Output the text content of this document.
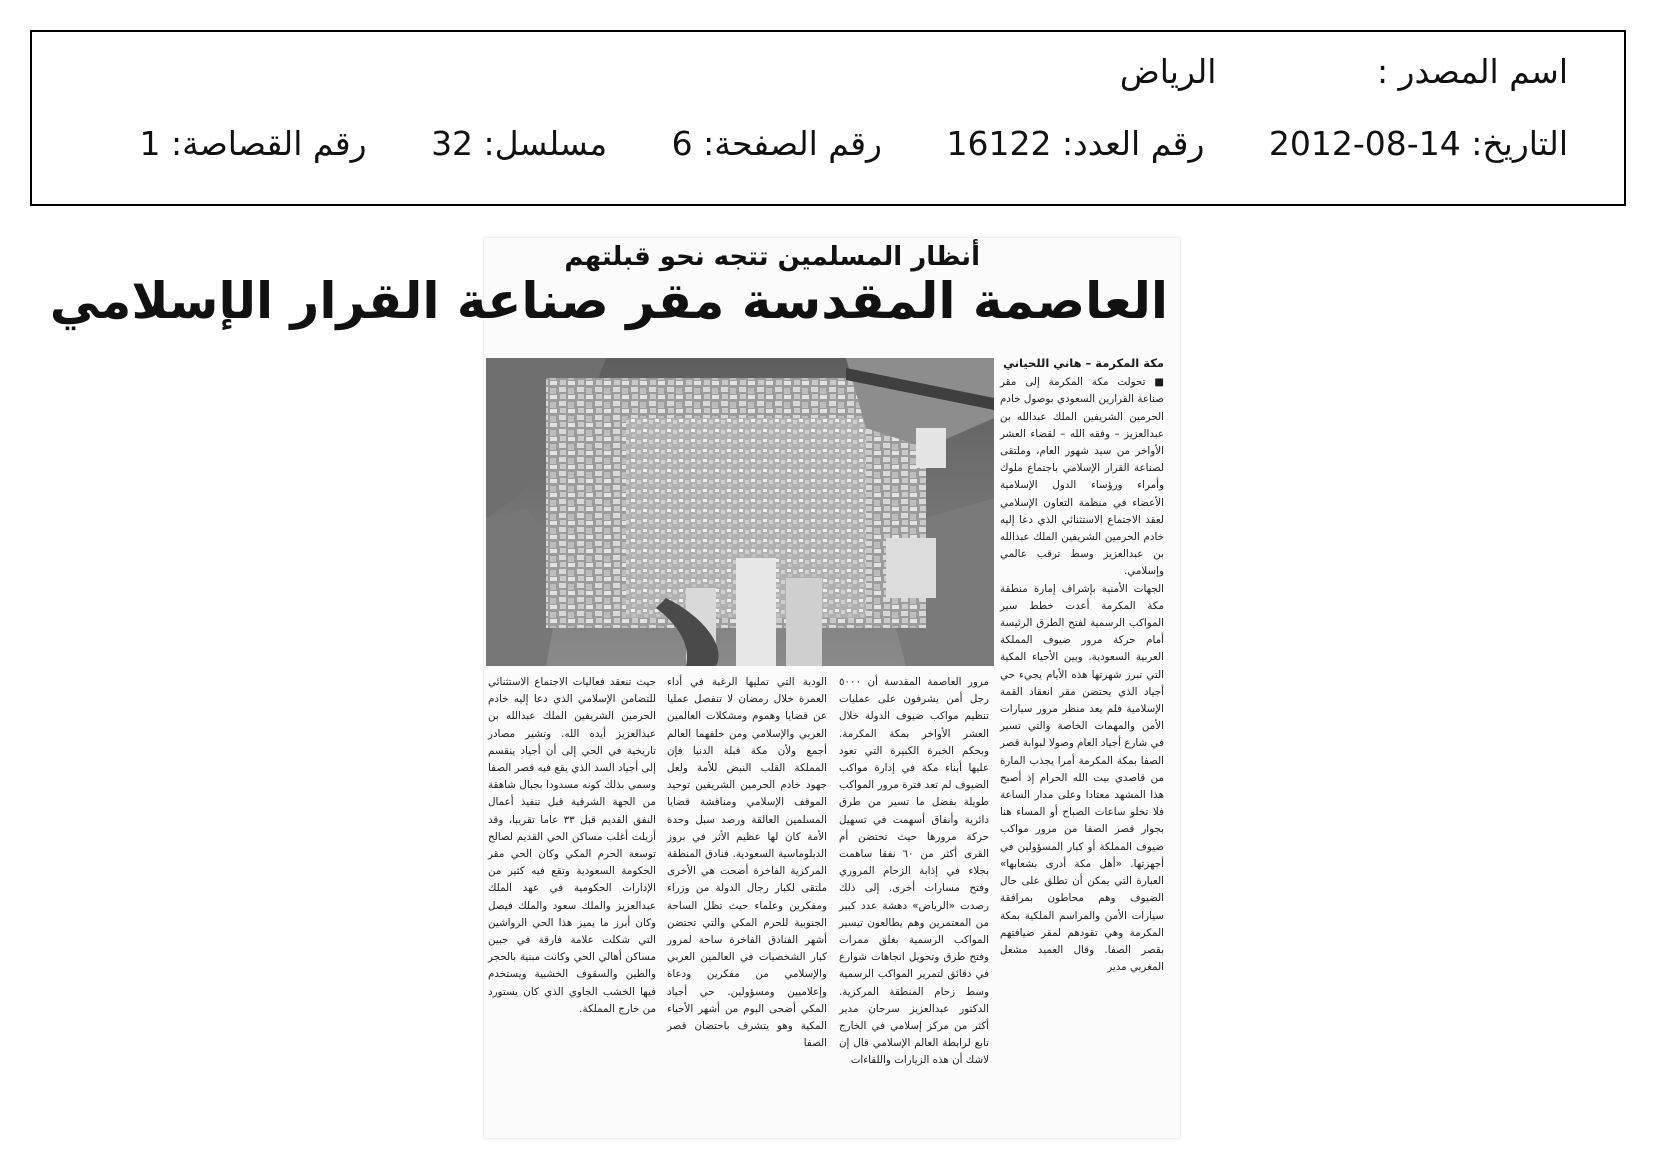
اسم المصدر : الرياض
التاريخ: 14-08-2012 رقم العدد: 16122 رقم الصفحة: 6 مسلسل: 32 رقم القصاصة: 1
أنظار المسلمين تتجه نحو قبلتهم
العاصمة المقدسة مقر صناعة القرار الإسلامي

مكة المكرمة – هاني اللحياني

■ تحولت مكة المكرمة إلى مقر صناعة القرارين السعودي بوصول خادم الحرمين الشريفين الملك عبدالله بن عبدالعزيز – وفقه الله – لقضاء العشر الأواخر من سيد شهور العام، وملتقى لصناعة القرار الإسلامي باجتماع ملوك وأمراء ورؤساء الدول الإسلامية الأعضاء في منظمة التعاون الإسلامي لعقد الاجتماع الاستثنائي الذي دعا إليه خادم الحرمين الشريفين الملك عبدالله بن عبدالعزيز وسط ترقب عالمي وإسلامي.

الجهات الأمنية بإشراف إمارة منطقة مكة المكرمة أعدت خطط سير المواكب الرسمية لفتح الطرق الرئيسة أمام حركة مرور ضيوف المملكة العربية السعودية. وبين الأحياء المكية التي تبرز شهرتها هذه الأيام يجيء حي أجياد الذي يحتضن مقر انعقاد القمة الإسلامية فلم يعد منظر مرور سيارات الأمن والمهمات الخاصة والتي تسير في شارع أجياد العام وصولا لبوابة قصر الصفا بمكة المكرمة أمرا يجذب المارة من قاصدي بيت الله الحرام إذ أصبح هذا المشهد معتادا وعلى مدار الساعة فلا تخلو ساعات الصباح أو المساء هنا بجوار قصر الصفا من مرور مواكب ضيوف المملكة أو كبار المسؤولين في أجهزتها. «أهل مكة أدرى بشعابها» العبارة التي يمكن أن تطلق على حال الضيوف وهم محاطون بمرافقة سيارات الأمن والمراسم الملكية بمكة المكرمة وهي تقودهم لمقر ضيافتهم بقصر الصفا. وقال العميد مشعل المغربي مدير

مرور العاصمة المقدسة أن ٥٠٠٠ رجل أمن يشرفون على عمليات تنظيم مواكب ضيوف الدولة خلال العشر الأواخر بمكة المكرمة. وبحكم الخبرة الكبيرة التي تعود عليها أبناء مكة في إدارة مواكب الضيوف لم تعد فترة مرور المواكب طويلة بفضل ما تسير من طرق دائرية وأنفاق أسهمت في تسهيل حركة مرورها حيث تحتضن أم القرى أكثر من ٦٠ نفقا ساهمت بجلاء في إذابة الزحام المروري وفتح مسارات أخرى. إلى ذلك رصدت «الرياض» دهشة عدد كبير من المعتمرين وهم يطالعون تيسير المواكب الرسمية بغلق ممرات وفتح طرق وتحويل اتجاهات شوارع في دقائق لتمرير المواكب الرسمية وسط زحام المنطقة المركزية. الدكتور عبدالعزيز سرحان مدير أكثر من مركز إسلامي في الخارج تابع لرابطة العالم الإسلامي قال إن لاشك أن هذه الزيارات واللقاءات

الودية التي تمليها الرغبة في أداء العمرة خلال رمضان لا تنفصل عمليا عن قضايا وهموم ومشكلات العالمين العربي والإسلامي ومن خلفهما العالم أجمع ولأن مكة قبلة الدنيا فإن المملكة القلب النبض للأمة ولعل جهود خادم الحرمين الشريفين توحيد الموقف الإسلامي ومناقشة قضايا المسلمين العالقة ورصد سبل وحدة الأمة كان لها عظيم الأثر في بروز الدبلوماسية السعودية. فنادق المنطقة المركزية الفاخرة أضحت هي الأخرى ملتقى لكبار رجال الدولة من وزراء ومفكرين وعلماء حيث تظل الساحة الجنوبية للحرم المكي والتي تحتضن أشهر الفنادق الفاخرة ساحة لمرور كبار الشخصيات في العالمين العربي والإسلامي من مفكرين ودعاة وإعلاميين ومسؤولين. حي أجياد المكي أضحى اليوم من أشهر الأحياء المكية وهو يتشرف باحتضان قصر الصفا

حيث تنعقد فعاليات الاجتماع الاستثنائي للتضامن الإسلامي الذي دعا إليه خادم الحرمين الشريفين الملك عبدالله بن عبدالعزيز أيده الله. وتشير مصادر تاريخية في الحي إلى أن أجياد ينقسم إلى أجياد السد الذي يقع فيه قصر الصفا وسمي بذلك كونه مسدودا بجبال شاهقة من الجهة الشرقية قبل تنفيذ أعمال النفق القديم قبل ٣٣ عاما تقريبا، وقد أزيلت أغلب مساكن الحي القديم لصالح توسعة الحرم المكي وكان الحي مقر الحكومة السعودية وتقع فيه كثير من الإدارات الحكومية في عهد الملك عبدالعزيز والملك سعود والملك فيصل وكان أبرز ما يميز هذا الحي الرواشين التي شكلت علامة فارقة في جبين مساكن أهالي الحي وكانت مبنية بالحجر والطين والسقوف الخشبية ويستخدم فيها الخشب الجاوي الذي كان يستورد من خارج المملكة.
